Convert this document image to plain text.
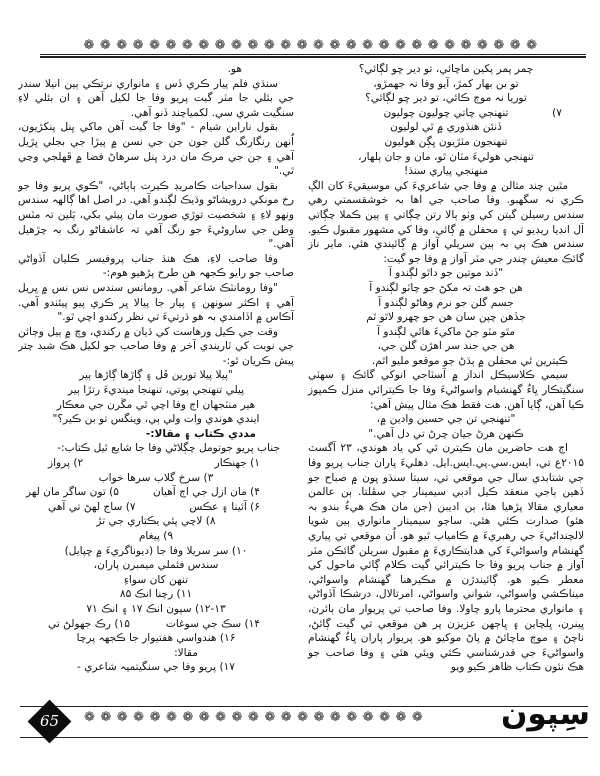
❁❁❁❁❁❁❁❁❁❁❁❁❁❁❁❁❁❁❁❁❁❁❁❁❁❁❁❁
چمر پمر پکين ماچائي، تو دير ڇو لڳائي؟
تو بن بھار کمڙ، آيو وفا نہ جھمڙو،
توريا نہ موڄ ڪائي، تو دير ڇو لڳائي؟
۷)
تنھنجي چاتي چوليون چوليون
ڏنئن ھنڌوري ۾ ٿي لوليون
تنھنجون مٽڙيون ڀڳن ھوليون
تنھنجي ھوليءَ مٽان ٿو، مان و جان ٻلھار،
منھنجي پياري سنڌ!

مٿين چند مثالن ۾ وفا جي شاعريءَ کي موسيقيءَ کان الڳ ڪري نہ سگھبو. وفا صاحب جي اھا بہ خوشقسمتي رھي سندس رسيلن گيتن کي وٺو ٻالا رتن چڳاتي ۽ ٻين ڪملا چڳاتي آل انڊيا ريڊيو تي ۽ محفلن ۾ ڳائي، وفا کي مشھور مقبول ڪيو. سندس ھڪ ٻي بہ ٻين سريلي آواز ۾ ڳائيندي ھئي. ماير ناز گائڪ معيش چندر جي مٽر آواز ۾ وفا جو گيت:

"ڏند موتين جو داٿو لڳندو آ
ھن جو ھٽ تہ مکڻ جو چاٽو لڳندو آ
جسم گلن جو نرم وھاڻو لڳندو آ
جڏھن چپن سان ھن جو چھرو لاٿو ٿم
مٿو مٽو جڻ ماکيءَ ھاٿي لڳندو آ
ھن جي جند سر اھڙن گلن جي،

ڪيترين ئي محفلن ۾ ٻڌڻ جو موقعو مليو اٿم.

سيمي ڪلاسيڪل انداز ۾ آسٽاجي انوکي گائڪ ۽ سھٽي سنگيتڪار ڀاءُ گھنشيام واسواڻيءَ وفا جا ڪيترائي منزل ڪمپوز ڪيا آھن، ڳايا آھن. ھت فقط ھڪ مثال پيش آھي:

"تنھنجي تن جي حسين وادين ۾،
ڪنھن ھرڻ جيان چرڻ تي دل آھي."

اڄ ھت حاضرين مان ڪيترن ئي کي ياد ھوندي، ۲۳ آگسٽ ۲۰۱۵ع تي، ايس.سي.پي.ايس.ايل. دھليءَ پاران جناب پريو وفا جي شتابدي سال جي موقعي تي، سيتا سنڌو ڀون ۾ صباح جو ڏھين ٻاجي منعقد ڪيل ادبي سيمينار جي سڦلتا. ٻن عالمن معياري مقالا پڙھيا ھئا، ٻن اديبن (جن مان ھڪ ھيءُ بندو بہ ھئو) صدارت ڪئي ھئي. ساڄو سيمينار مانواري ٻين شويا لالچنداڻيءَ جي رھبريءَ ۾ ڪامياب ٿيو ھو. اُن موقعي تي پياري گھنشام واسواڻيءَ کي ھدايتڪاريءَ ۾ مقبول سريلن گائڪن مٽر آواز ۾ جناب پريو وفا جا ڪيترائي گيت ڪلام ڳائي ماحول کي معطر ڪيو ھو. ڳائيندڙن ۾ مڪيرھنا گھنشام واسواڻي، ميناڪشي واسواڻي، شواني واسواڻي، امرتالال، درشڪا آڏواڻي ۽ مانواري محترما پارو چاولا. وفا صاحب تي پريوار مان ٻائرن، ڀينرن، ڀلچاين ۽ ڀاڄھن عزيزن پر ھن موقعي تي گيت ڳائڻ، ناچڻ ۽ موڄ ماچائڻ ۾ پاڻ موکيو ھو. پريوار پاران ڀاءُ گھنشام واسواڻيءَ جي قدرشناسي ڪئي ويئي ھئي ۽ وفا صاحب جو ھڪ نئون ڪتاب ظاھر ڪيو ويو

ھو.

سنڌي فلم پيار ڪري ڏس ۽ مانواري نرتڪي ٻين انيلا سندر جي بئلي جا مٽر گيت پريو وفا جا لکيل آھن ۽ ان بئلي لاءِ سنگيت شري سي. لکمياچند ڏنو آھي.

بقول ناراين شيام - "وفا جا گيت آھن ماکي ڀنل پنکڙيون، اُنھن رنگارنگ گلن جون جن جي نسن ۾ پيڙا جي بجلي ڀڙيل آھي ۽ جن جي مرڪ مان درد ڀنل سرھاڻ فضا ۾ ڦھلجي وڃي ٿي."

بقول سداحيات ڪامريڊ ڪيرت ٻاٻاڻي، "ڪوي پريو وفا جو رخ مونکي درويشاڻو وڌيڪ لڳندو آھي. در اصل اھا ڳالھہ سندس ونھو لاءِ ۽ شخصيت توڙي صورت مان پيئي بکي، ٻَلين تہ مٽس وطن جي ساروڻيءَ جو رنگ آھي تہ عاشقاڻو رنگ بہ چڙھيل آھي."

وفا صاحب لاءِ، ھڪ ھنڌ جناب پروفيسر ڪليان آڏواڻي صاحب جو رايو ڪجھہ ھن طرح پڙھيو ھوم:-

"وفا رومانٽڪ شاعر آھي. رومانس سندس نس نس ۾ ڀريل آھي ۽ اڪثر سونھن ۽ پيار جا پيالا ڀر ڪري پيو پيئندو آھي. آڪاس ۾ اڏامندي بہ ھو ڌرتيءَ تي نظر رکندو اچي ٿو."

وقت جي ڪيل ورھاست کي ڌيان ۾ رکندي، وچ ۾ ٻيل وڄائن جي نوبت کي ٽاريندي آخر ۾ وفا صاحب جو لکيل ھڪ شبد چتر پيش ڪريان ٿو:-

"پيلا پيلا تورين ڦل ۽ ڳاڙھا ڳاڙھا ٻير
پيلي تنھنجي پوتي، تنھنجا مينديءَ رتڙا ٻير
ھير منٽجھان اڄ وفا اچي ٿي مڱرن جي معڪار
ايندي ھوندي وات ولي ٻي، وينگس تو بن ڪير؟"

مددي ڪتاب ۽ مقالا:-

جناب پريو جوتومل چڳلاڻي وفا جا شايع ٿيل ڪتاب:-

۱) جھنڪار
۲) پرواز
۳) سرخ گلاب سرھا خواب
۴) مان ازل جي اڄ آھيان
۵) تون ساگر مان لھر
۶) آئينا ۽ عڪس
۷) ساج لھڻ تي آھي
۸) لاچي پئي يڪتاري جي تڙ
۹) پيغام
۱۰) سر سريلا وفا جا (ديوناگريءَ ۾ ڇپايل)
سندس فئملي ميمبرن پاران،
تنھن کان سواءِ
۱۱) رچنا انڪ ۸۵
۱۲-۱۳) سپون انڪ ۱۷ ۽ انڪ ۷۱
۱۴) سڪ جي سوغات
۱۵) رڪ جھولڻ تي
۱۶) ھندواسي ھفتيوار جا ڪجھہ پرچا
مقالا:
۱۷) پريو وفا جي سنگيتميہ شاعري -
❁❁❁❁❁❁❁❁❁❁❁❁❁❁❁❁❁❁❁❁❁
65	سِپون
